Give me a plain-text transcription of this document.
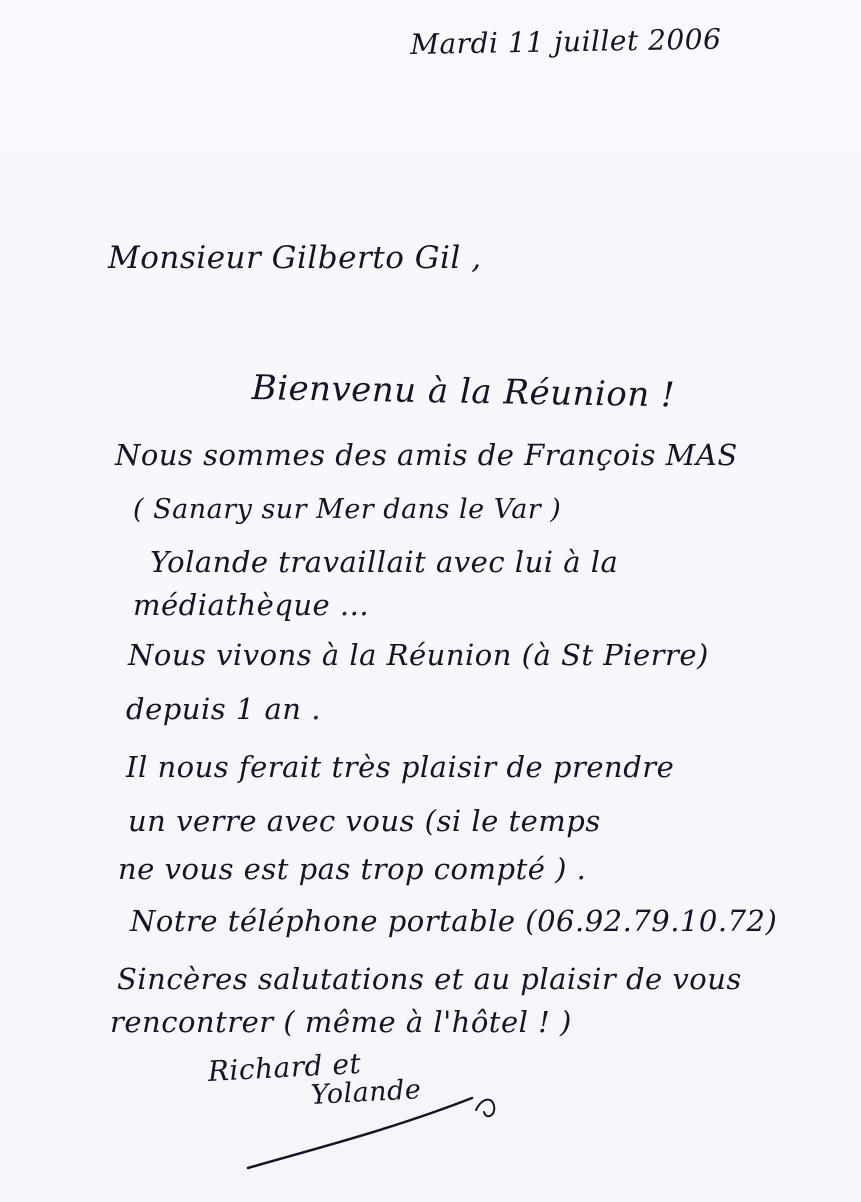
Mardi 11 juillet 2006
Monsieur Gilberto Gil ,
Bienvenu à la Réunion !
Nous sommes des amis de François MAS
( Sanary sur Mer dans le Var )
Yolande travaillait avec lui à la
médiathèque ...
Nous vivons à la Réunion (à St Pierre)
depuis 1 an .
Il nous ferait très plaisir de prendre
un verre avec vous (si le temps
ne vous est pas trop compté ) .
Notre téléphone portable (06.92.79.10.72)
Sincères salutations et au plaisir de vous
rencontrer ( même à l'hôtel ! )
Richard et
Yolande
